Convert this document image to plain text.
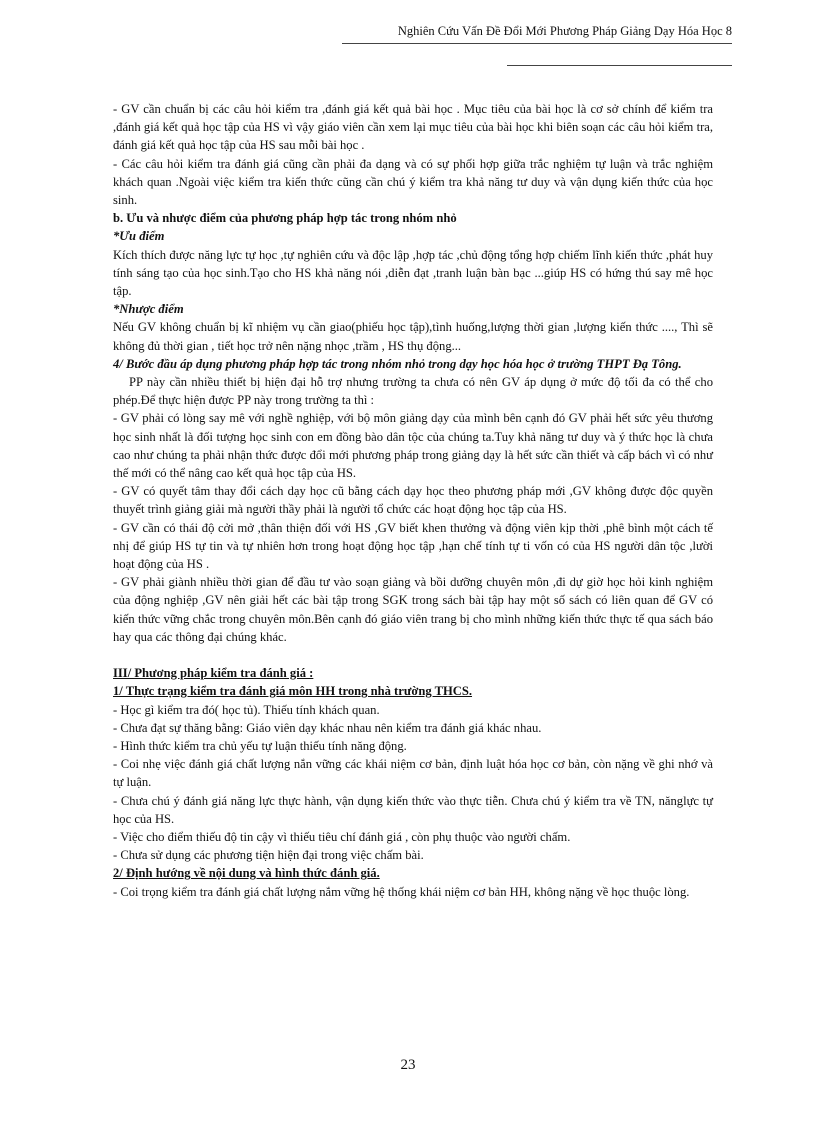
Nghiên Cứu Vấn Đề Đổi Mới Phương Pháp Giảng Dạy Hóa Học 8

- GV cần chuẩn bị các câu hỏi kiểm tra ,đánh giá kết quả bài học . Mục tiêu của bài học là cơ sở chính để kiểm tra ,đánh giá kết quả học tập của HS vì vậy giáo viên cần xem lại mục tiêu của bài học khi biên soạn các câu hỏi kiểm tra, đánh giá kết quả học tập của HS sau mỗi bài học .

- Các câu hỏi kiểm tra đánh giá cũng cần phải đa dạng và có sự phối hợp giữa trắc nghiệm tự luận và trắc nghiệm khách quan .Ngoài việc kiểm tra kiến thức cũng cần chú ý kiểm tra khả năng tư duy và vận dụng kiến thức của học sinh.

b. Ưu và nhược điểm của phương pháp hợp tác trong nhóm nhỏ

*Ưu điểm

Kích thích được năng lực tự học ,tự nghiên cứu và độc lập ,hợp tác ,chủ động tổng hợp chiếm lĩnh kiến thức ,phát huy tính sáng tạo của học sinh.Tạo cho HS khả năng nói ,diễn đạt ,tranh luận bàn bạc ...giúp HS có hứng thú say mê học tập.

*Nhược điểm

Nếu GV không chuẩn bị kĩ nhiệm vụ cần giao(phiếu học tập),tình huống,lượng thời gian ,lượng kiến thức ...., Thì sẽ không đủ thời gian , tiết học trở nên nặng nhọc ,trầm , HS thụ động...

4/ Bước đầu áp dụng phương pháp hợp tác trong nhóm nhỏ trong dạy học hóa học ở trường THPT Đạ Tông.

PP này cần nhiều thiết bị hiện đại hỗ trợ nhưng trường ta chưa có nên GV áp dụng ở mức độ tối đa có thể cho phép.Để thực hiện được PP này trong trường ta thì :

- GV phải có lòng say mê với nghề nghiệp, với bộ môn giảng dạy của mình bên cạnh đó GV phải hết sức yêu thương học sinh nhất là đối tượng học sinh con em đồng bào dân tộc của chúng ta.Tuy khả năng tư duy và ý thức học là chưa cao như chúng ta phải nhận thức được đổi mới phương pháp trong giảng dạy là hết sức cần thiết và cấp bách vì có như thế mới có thể nâng cao kết quả học tập của HS.

- GV có quyết tâm thay đổi cách dạy học cũ bằng cách dạy học theo phương pháp mới ,GV không được độc quyền thuyết trình giảng giải mà người thầy phải là người tổ chức các hoạt động học tập của HS.

- GV cần có thái độ cởi mở ,thân thiện đối với HS ,GV biết khen thưởng và động viên kịp thời ,phê bình một cách tế nhị để giúp HS tự tin và tự nhiên hơn trong hoạt động học tập ,hạn chế tính tự ti vốn có của HS người dân tộc ,lười hoạt động của HS .

- GV phải giành nhiều thời gian để đầu tư vào soạn giảng và bồi dưỡng chuyên môn ,đi dự giờ học hỏi kinh nghiệm của động nghiệp ,GV nên giải hết các bài tập trong SGK trong sách bài tập hay một số sách có liên quan để GV có kiến thức vững chắc trong chuyên môn.Bên cạnh đó giáo viên trang bị cho mình những kiến thức thực tế qua sách báo hay qua các thông đại chúng khác.

III/ Phương pháp kiểm tra đánh giá :

1/ Thực trạng kiểm tra đánh giá môn HH trong nhà trường THCS.

- Học gì kiểm tra đó( học tủ). Thiếu tính khách quan.

- Chưa đạt sự thăng bằng: Giáo viên dạy khác nhau nên kiểm tra đánh giá khác nhau.

- Hình thức kiểm tra chủ yếu tự luận thiếu tính năng động.

- Coi nhẹ việc đánh giá chất lượng nắn vững các khái niệm cơ bản, định luật hóa học cơ bản, còn nặng về ghi nhớ và tự luận.

- Chưa chú ý đánh giá năng lực thực hành, vận dụng kiến thức vào thực tiễn. Chưa chú ý kiểm tra về TN, nănglực tự học của HS.

- Việc cho điểm thiếu độ tin cậy vì thiếu tiêu chí đánh giá , còn phụ thuộc vào người chấm.

- Chưa sử dụng các phương tiện hiện đại trong việc chấm bài.

2/ Định hướng về nội dung và hình thức đánh giá.

- Coi trọng kiểm tra đánh giá chất lượng nắm vững hệ thống khái niệm cơ bản HH, không nặng về học thuộc lòng.

23
